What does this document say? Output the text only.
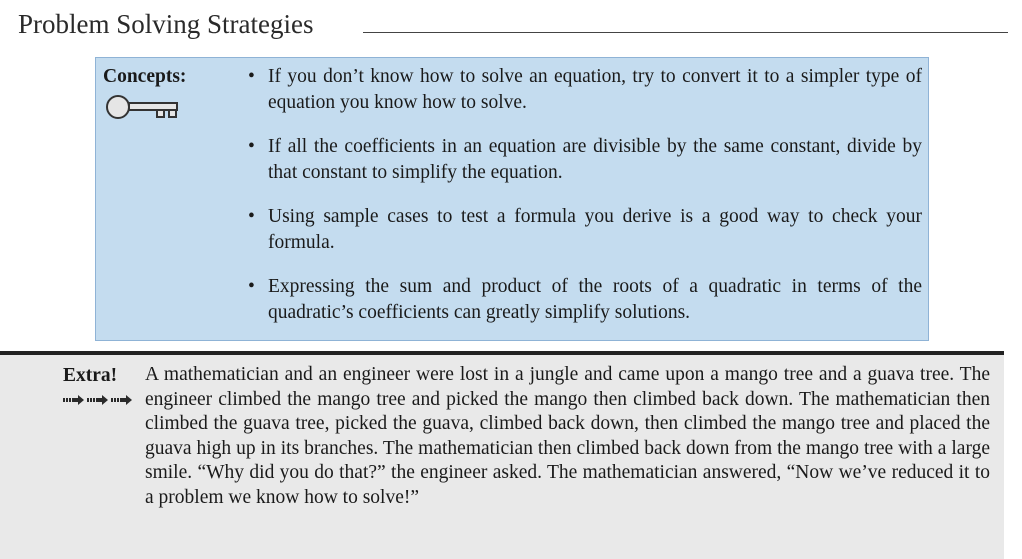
Problem Solving Strategies
Concepts:	• If you don’t know how to solve an equation, try to convert it to a simpler type of equation you know how to solve.
• If all the coefficients in an equation are divisible by the same constant, divide by that constant to simplify the equation.
• Using sample cases to test a formula you derive is a good way to check your formula.
• Expressing the sum and product of the roots of a quadratic in terms of the quadratic’s coefficients can greatly simplify solutions.
Extra! A mathematician and an engineer were lost in a jungle and came upon a mango tree and a guava tree. The engineer climbed the mango tree and picked the mango then climbed back down. The mathematician then climbed the guava tree, picked the guava, climbed back down, then climbed the mango tree and placed the guava high up in its branches. The mathematician then climbed back down from the mango tree with a large smile. “Why did you do that?” the engineer asked. The mathematician answered, “Now we’ve reduced it to a problem we know how to solve!”
